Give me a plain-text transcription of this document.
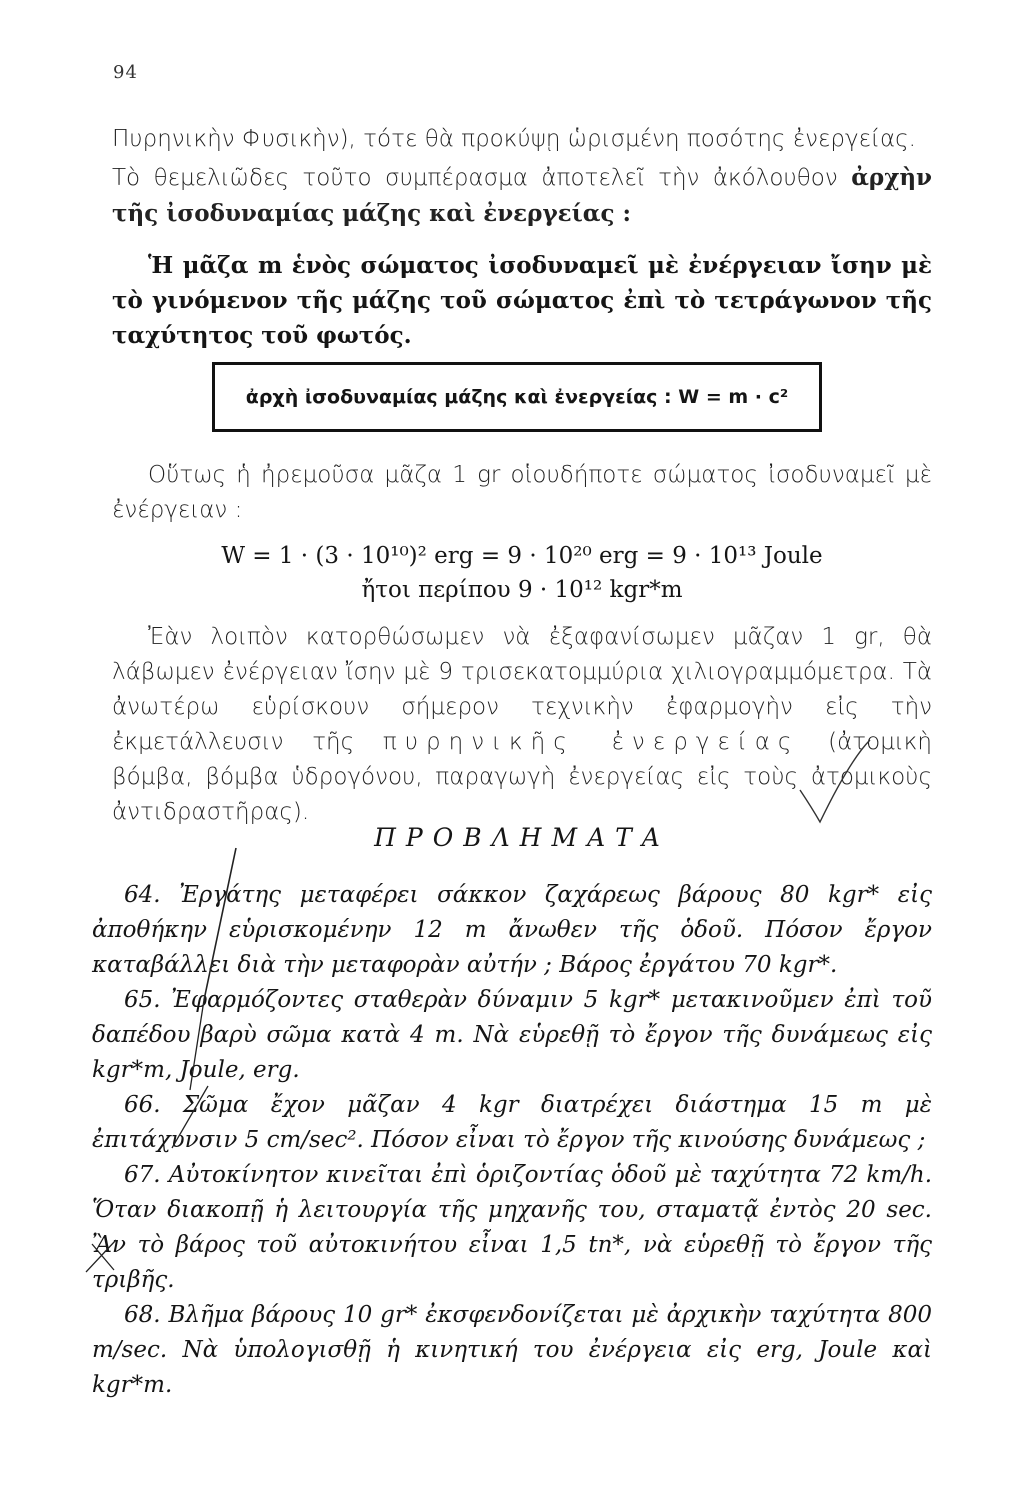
94

Πυρηνικὴν Φυσικὴν), τότε θὰ προκύψῃ ὡρισμένη ποσότης ἐνεργείας.

Τὸ θεμελιῶδες τοῦτο συμπέρασμα ἀποτελεῖ τὴν ἀκόλουθον ἀρχὴν τῆς ἰσοδυναμίας μάζης καὶ ἐνεργείας :

Ἡ μᾶζα m ἑνὸς σώματος ἰσοδυναμεῖ μὲ ἐνέργειαν ἴσην μὲ τὸ γινόμενον τῆς μάζης τοῦ σώματος ἐπὶ τὸ τετράγωνον τῆς ταχύτητος τοῦ φωτός.

ἀρχὴ ἰσοδυναμίας μάζης καὶ ἐνεργείας : W = m · c²

Οὕτως ἡ ἠρεμοῦσα μᾶζα 1 gr οἱουδήποτε σώματος ἰσοδυναμεῖ μὲ ἐνέργειαν :

W = 1 · (3 · 10¹⁰)² erg = 9 · 10²⁰ erg = 9 · 10¹³ Joule
ἤτοι περίπου 9 · 10¹² kgr*m

Ἐὰν λοιπὸν κατορθώσωμεν νὰ ἐξαφανίσωμεν μᾶζαν 1 gr, θὰ λάβωμεν ἐνέργειαν ἴσην μὲ 9 τρισεκατομμύρια χιλιογραμμόμετρα. Τὰ ἀνωτέρω εὑρίσκουν σήμερον τεχνικὴν ἐφαρμογὴν εἰς τὴν ἐκμετάλλευσιν τῆς πυρηνικῆς ἐνεργείας (ἀτομικὴ βόμβα, βόμβα ὑδρογόνου, παραγωγὴ ἐνεργείας εἰς τοὺς ἀτομικοὺς ἀντιδραστῆρας).

ΠΡΟΒΛΗΜΑΤΑ

64. Ἐργάτης μεταφέρει σάκκον ζαχάρεως βάρους 80 kgr* εἰς ἀποθήκην εὑρισκομένην 12 m ἄνωθεν τῆς ὁδοῦ. Πόσον ἔργον καταβάλλει διὰ τὴν μεταφορὰν αὐτήν ; Βάρος ἐργάτου 70 kgr*.

65. Ἐφαρμόζοντες σταθερὰν δύναμιν 5 kgr* μετακινοῦμεν ἐπὶ τοῦ δαπέδου βαρὺ σῶμα κατὰ 4 m. Νὰ εὑρεθῇ τὸ ἔργον τῆς δυνάμεως εἰς kgr*m, Joule, erg.

66. Σῶμα ἔχον μᾶζαν 4 kgr διατρέχει διάστημα 15 m μὲ ἐπιτάχυνσιν 5 cm/sec². Πόσον εἶναι τὸ ἔργον τῆς κινούσης δυνάμεως ;

67. Αὐτοκίνητον κινεῖται ἐπὶ ὁριζοντίας ὁδοῦ μὲ ταχύτητα 72 km/h. Ὅταν διακοπῇ ἡ λειτουργία τῆς μηχανῆς του, σταματᾷ ἐντὸς 20 sec. Ἂν τὸ βάρος τοῦ αὐτοκινήτου εἶναι 1,5 tn*, νὰ εὑρεθῇ τὸ ἔργον τῆς τριβῆς.

68. Βλῆμα βάρους 10 gr* ἐκσφενδονίζεται μὲ ἀρχικὴν ταχύτητα 800 m/sec. Νὰ ὑπολογισθῇ ἡ κινητική του ἐνέργεια εἰς erg, Joule καὶ kgr*m.
